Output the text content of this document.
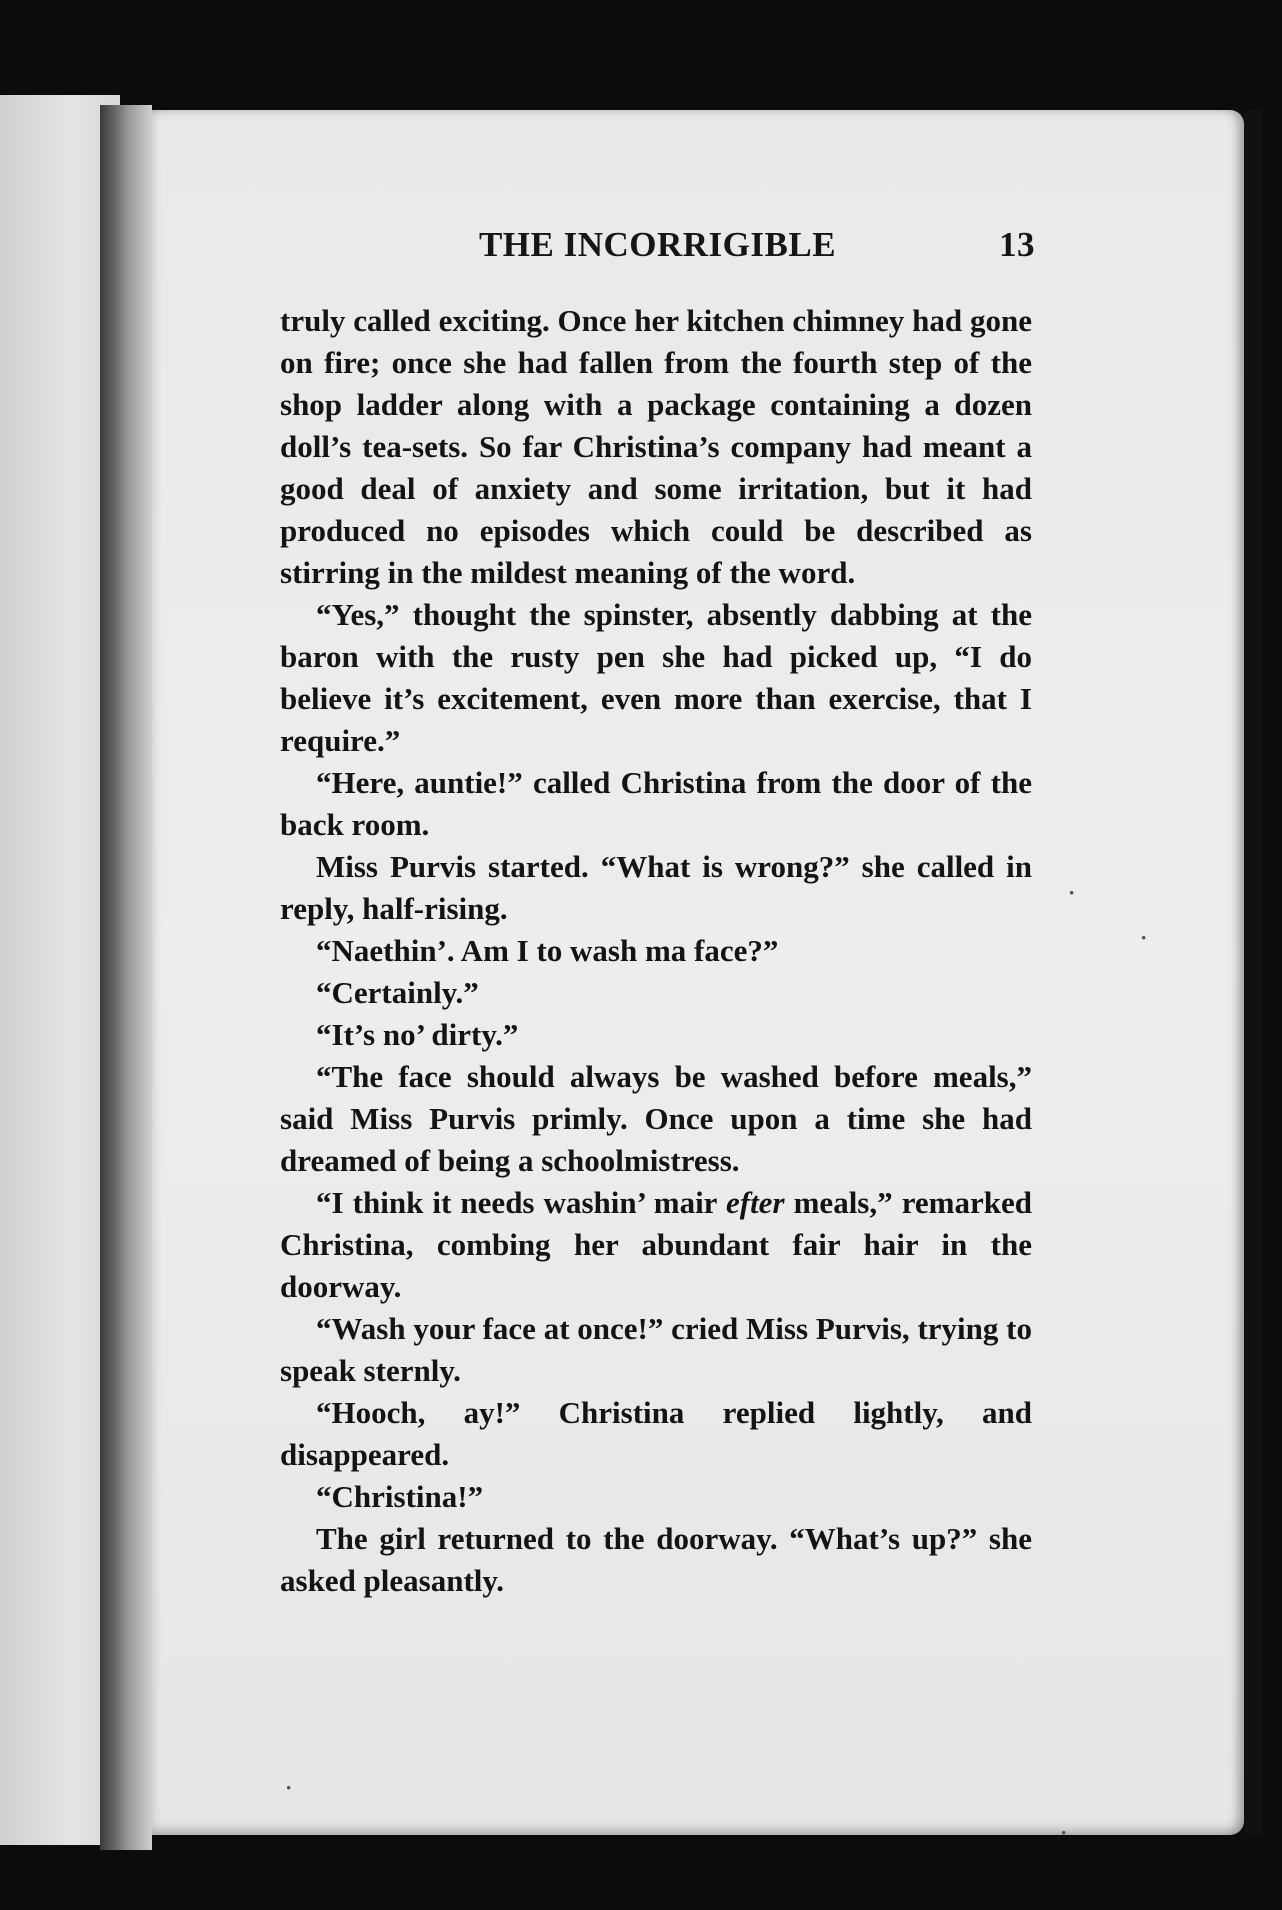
THE INCORRIGIBLE	13

truly called exciting. Once her kitchen chimney had gone on fire; once she had fallen from the fourth step of the shop ladder along with a package containing a dozen doll’s tea-sets. So far Christina’s company had meant a good deal of anxiety and some irritation, but it had produced no episodes which could be described as stirring in the mildest meaning of the word.

“Yes,” thought the spinster, absently dabbing at the baron with the rusty pen she had picked up, “I do believe it’s excitement, even more than exercise, that I require.”

“Here, auntie!” called Christina from the door of the back room.

Miss Purvis started. “What is wrong?” she called in reply, half-rising.

“Naethin’. Am I to wash ma face?”

“Certainly.”

“It’s no’ dirty.”

“The face should always be washed before meals,” said Miss Purvis primly. Once upon a time she had dreamed of being a schoolmistress.

“I think it needs washin’ mair efter meals,” remarked Christina, combing her abundant fair hair in the doorway.

“Wash your face at once!” cried Miss Purvis, trying to speak sternly.

“Hooch, ay!” Christina replied lightly, and disappeared.

“Christina!”

The girl returned to the doorway. “What’s up?” she asked pleasantly.

·
·
·
·
